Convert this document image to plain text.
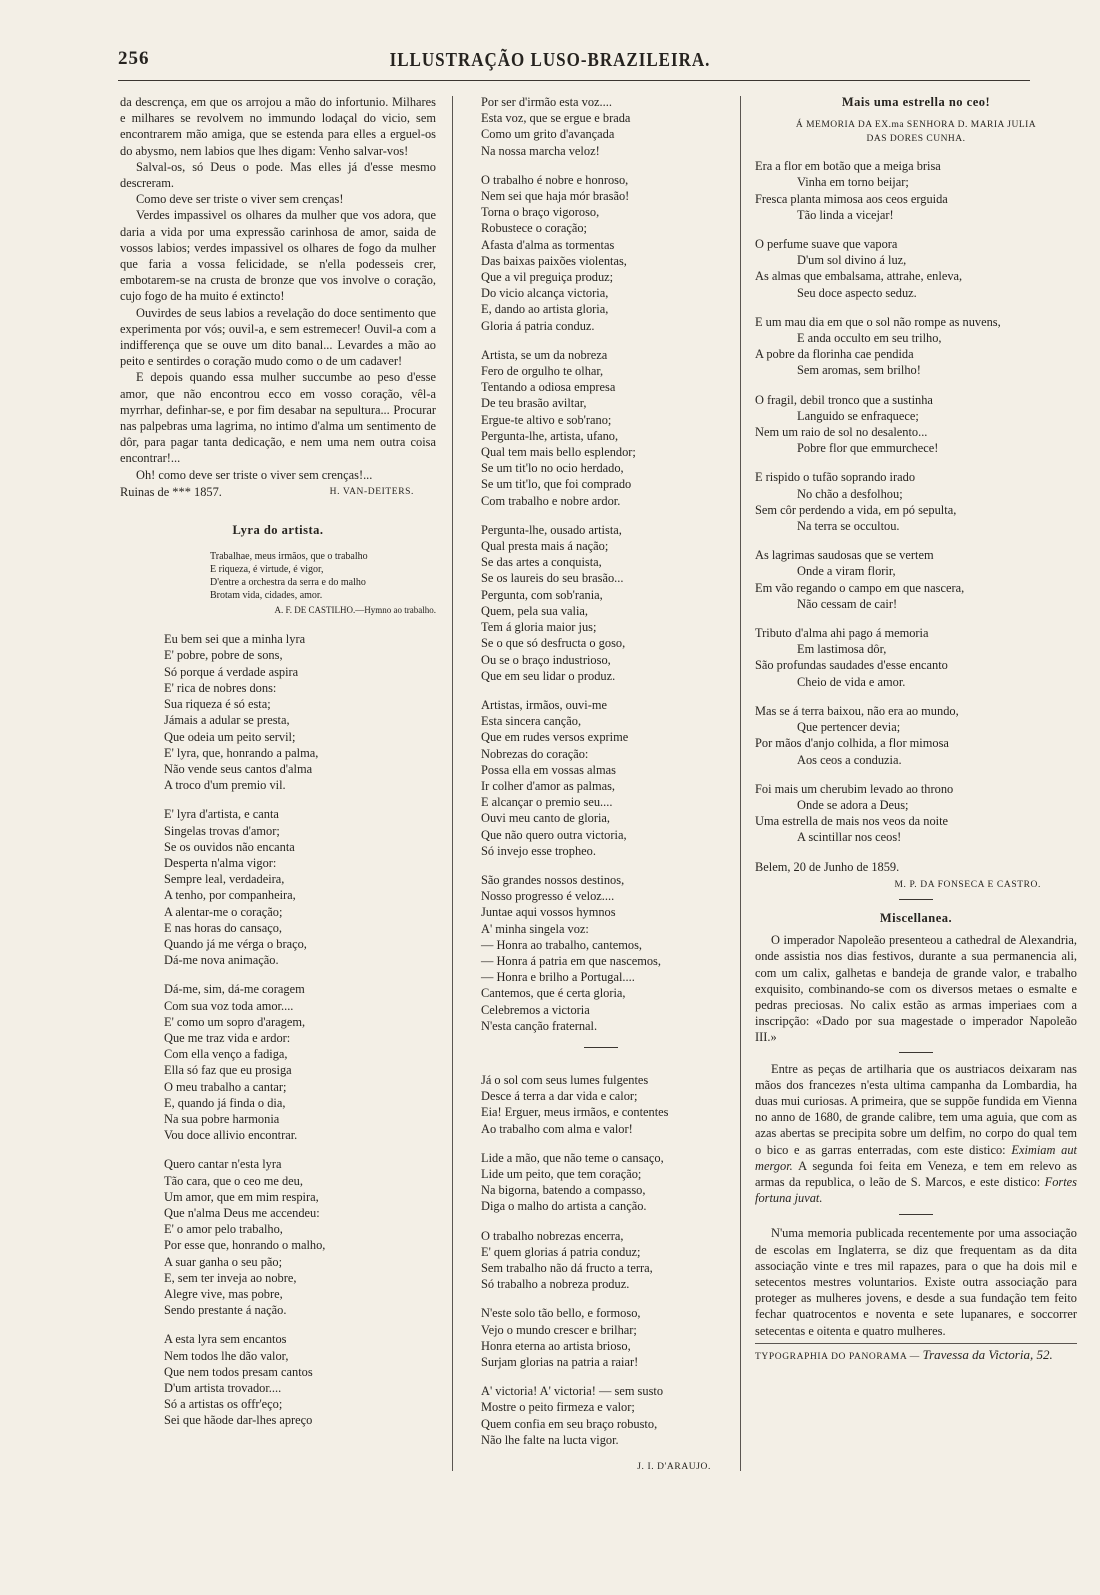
256	ILLUSTRAÇÃO LUSO-BRAZILEIRA.

da descrença, em que os arrojou a mão do infortunio. Milhares e milhares se revolvem no immundo lodaçal do vicio, sem encontrarem mão amiga, que se estenda para elles a erguel-os do abysmo, nem labios que lhes digam: Venho salvar-vos!

Salval-os, só Deus o pode. Mas elles já d'esse mesmo descreram.

Como deve ser triste o viver sem crenças!

Verdes impassivel os olhares da mulher que vos adora, que daria a vida por uma expressão carinhosa de amor, saida de vossos labios; verdes impassivel os olhares de fogo da mulher que faria a vossa felicidade, se n'ella podesseis crer, embotarem-se na crusta de bronze que vos involve o coração, cujo fogo de ha muito é extincto!

Ouvirdes de seus labios a revelação do doce sentimento que experimenta por vós; ouvil-a, e sem estremecer! Ouvil-a com a indifferença que se ouve um dito banal... Levardes a mão ao peito e sentirdes o coração mudo como o de um cadaver!

E depois quando essa mulher succumbe ao peso d'esse amor, que não encontrou ecco em vosso coração, vêl-a myrrhar, definhar-se, e por fim desabar na sepultura... Procurar nas palpebras uma lagrima, no intimo d'alma um sentimento de dôr, para pagar tanta dedicação, e nem uma nem outra coisa encontrar!...

Oh! como deve ser triste o viver sem crenças!...

Ruinas de *** 1857.	H. VAN-DEITERS.
Lyra do artista.
Trabalhae, meus irmãos, que o trabalho
E riqueza, é virtude, é vigor,
D'entre a orchestra da serra e do malho
Brotam vida, cidades, amor.
A. F. DE CASTILHO.—Hymno ao trabalho.
Eu bem sei que a minha lyra
E' pobre, pobre de sons,
Só porque á verdade aspira
E' rica de nobres dons:
Sua riqueza é só esta;
Jámais a adular se presta,
Que odeia um peito servil;
E' lyra, que, honrando a palma,
Não vende seus cantos d'alma
A troco d'um premio vil.
E' lyra d'artista, e canta
Singelas trovas d'amor;
Se os ouvidos não encanta
Desperta n'alma vigor:
Sempre leal, verdadeira,
A tenho, por companheira,
A alentar-me o coração;
E nas horas do cansaço,
Quando já me vérga o braço,
Dá-me nova animação.
Dá-me, sim, dá-me coragem
Com sua voz toda amor....
E' como um sopro d'aragem,
Que me traz vida e ardor:
Com ella venço a fadiga,
Ella só faz que eu prosiga
O meu trabalho a cantar;
E, quando já finda o dia,
Na sua pobre harmonia
Vou doce allivio encontrar.
Quero cantar n'esta lyra
Tão cara, que o ceo me deu,
Um amor, que em mim respira,
Que n'alma Deus me accendeu:
E' o amor pelo trabalho,
Por esse que, honrando o malho,
A suar ganha o seu pão;
E, sem ter inveja ao nobre,
Alegre vive, mas pobre,
Sendo prestante á nação.
A esta lyra sem encantos
Nem todos lhe dão valor,
Que nem todos presam cantos
D'um artista trovador....
Só a artistas os offr'eço;
Sei que hãode dar-lhes apreço
Por ser d'irmão esta voz....
Esta voz, que se ergue e brada
Como um grito d'avançada
Na nossa marcha veloz!
O trabalho é nobre e honroso,
Nem sei que haja mór brasão!
Torna o braço vigoroso,
Robustece o coração;
Afasta d'alma as tormentas
Das baixas paixões violentas,
Que a vil preguiça produz;
Do vicio alcança victoria,
E, dando ao artista gloria,
Gloria á patria conduz.
Artista, se um da nobreza
Fero de orgulho te olhar,
Tentando a odiosa empresa
De teu brasão aviltar,
Ergue-te altivo e sob'rano;
Pergunta-lhe, artista, ufano,
Qual tem mais bello esplendor;
Se um tit'lo no ocio herdado,
Se um tit'lo, que foi comprado
Com trabalho e nobre ardor.
Pergunta-lhe, ousado artista,
Qual presta mais á nação;
Se das artes a conquista,
Se os laureis do seu brasão...
Pergunta, com sob'rania,
Quem, pela sua valia,
Tem á gloria maior jus;
Se o que só desfructa o goso,
Ou se o braço industrioso,
Que em seu lidar o produz.
Artistas, irmãos, ouvi-me
Esta sincera canção,
Que em rudes versos exprime
Nobrezas do coração:
Possa ella em vossas almas
Ir colher d'amor as palmas,
E alcançar o premio seu....
Ouvi meu canto de gloria,
Que não quero outra victoria,
Só invejo esse tropheo.
São grandes nossos destinos,
Nosso progresso é veloz....
Juntae aqui vossos hymnos
A' minha singela voz:
— Honra ao trabalho, cantemos,
— Honra á patria em que nascemos,
— Honra e brilho a Portugal....
Cantemos, que é certa gloria,
Celebremos a victoria
N'esta canção fraternal.
Já o sol com seus lumes fulgentes
Desce á terra a dar vida e calor;
Eia! Erguer, meus irmãos, e contentes
Ao trabalho com alma e valor!
Lide a mão, que não teme o cansaço,
Lide um peito, que tem coração;
Na bigorna, batendo a compasso,
Diga o malho do artista a canção.
O trabalho nobrezas encerra,
E' quem glorias á patria conduz;
Sem trabalho não dá fructo a terra,
Só trabalho a nobreza produz.
N'este solo tão bello, e formoso,
Vejo o mundo crescer e brilhar;
Honra eterna ao artista brioso,
Surjam glorias na patria a raiar!
A' victoria! A' victoria! — sem susto
Mostre o peito firmeza e valor;
Quem confia em seu braço robusto,
Não lhe falte na lucta vigor.
J. I. D'ARAUJO.
Mais uma estrella no ceo!
Á MEMORIA DA EX.ma SENHORA D. MARIA JULIA
DAS DORES CUNHA.
Era a flor em botão que a meiga brisa
Vinha em torno beijar;
Fresca planta mimosa aos ceos erguida
Tão linda a vicejar!
O perfume suave que vapora
D'um sol divino á luz,
As almas que embalsama, attrahe, enleva,
Seu doce aspecto seduz.
E um mau dia em que o sol não rompe as nuvens,
E anda occulto em seu trilho,
A pobre da florinha cae pendida
Sem aromas, sem brilho!
O fragil, debil tronco que a sustinha
Languido se enfraquece;
Nem um raio de sol no desalento...
Pobre flor que emmurchece!
E rispido o tufão soprando irado
No chão a desfolhou;
Sem côr perdendo a vida, em pó sepulta,
Na terra se occultou.
As lagrimas saudosas que se vertem
Onde a viram florir,
Em vão regando o campo em que nascera,
Não cessam de cair!
Tributo d'alma ahi pago á memoria
Em lastimosa dôr,
São profundas saudades d'esse encanto
Cheio de vida e amor.
Mas se á terra baixou, não era ao mundo,
Que pertencer devia;
Por mãos d'anjo colhida, a flor mimosa
Aos ceos a conduzia.
Foi mais um cherubim levado ao throno
Onde se adora a Deus;
Uma estrella de mais nos veos da noite
A scintillar nos ceos!
Belem, 20 de Junho de 1859.
M. P. DA FONSECA E CASTRO.
Miscellanea.

O imperador Napoleão presenteou a cathedral de Alexandria, onde assistia nos dias festivos, durante a sua permanencia ali, com um calix, galhetas e bandeja de grande valor, e trabalho exquisito, combinando-se com os diversos metaes o esmalte e pedras preciosas. No calix estão as armas imperiaes com a inscripção: «Dado por sua magestade o imperador Napoleão III.»

Entre as peças de artilharia que os austriacos deixaram nas mãos dos francezes n'esta ultima campanha da Lombardia, ha duas mui curiosas. A primeira, que se suppõe fundida em Vienna no anno de 1680, de grande calibre, tem uma aguia, que com as azas abertas se precipita sobre um delfim, no corpo do qual tem o bico e as garras enterradas, com este distico: Eximiam aut mergor. A segunda foi feita em Veneza, e tem em relevo as armas da republica, o leão de S. Marcos, e este distico: Fortes fortuna juvat.

N'uma memoria publicada recentemente por uma associação de escolas em Inglaterra, se diz que frequentam as da dita associação vinte e tres mil rapazes, para o que ha dois mil e setecentos mestres voluntarios. Existe outra associação para proteger as mulheres jovens, e desde a sua fundação tem feito fechar quatrocentos e noventa e sete lupanares, e soccorrer setecentas e oitenta e quatro mulheres.

TYPOGRAPHIA DO PANORAMA — Travessa da Victoria, 52.
